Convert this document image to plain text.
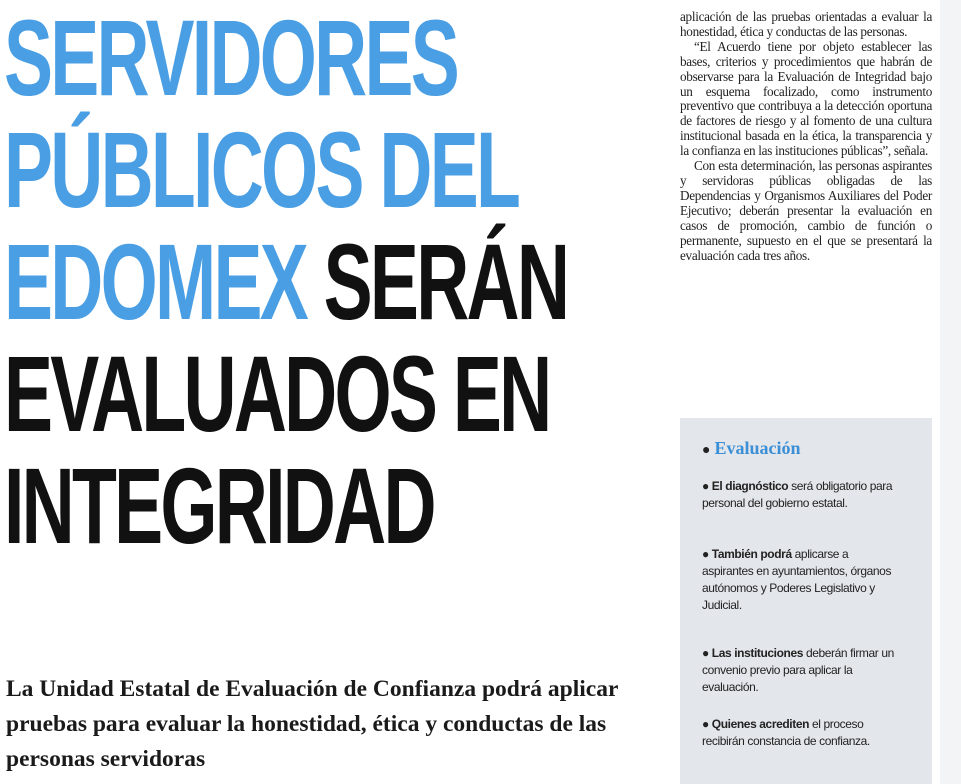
SERVIDORES
PÚBLICOS DEL
EDOMEX SERÁN
EVALUADOS EN
INTEGRIDAD
La Unidad Estatal de Evaluación de Confianza podrá aplicar pruebas para evaluar la honestidad, ética y conductas de las personas servidoras

aplicación de las pruebas orientadas a evaluar la honestidad, ética y conductas de las personas.

“El Acuerdo tiene por objeto establecer las bases, criterios y procedimientos que habrán de observarse para la Evaluación de Integridad bajo un esquema focalizado, como instrumento preventivo que contribuya a la detección oportuna de factores de riesgo y al fomento de una cultura institucional basada en la ética, la transparencia y la confianza en las instituciones públicas”, señala.

Con esta determinación, las personas aspirantes y servidoras públicas obligadas de las Dependencias y Organismos Auxiliares del Poder Ejecutivo; deberán presentar la evaluación en casos de promoción, cambio de función o permanente, supuesto en el que se presentará la evaluación cada tres años.

● Evaluación
● El diagnóstico será obligatorio para personal del gobierno estatal.
● También podrá aplicarse a aspirantes en ayuntamientos, órganos autónomos y Poderes Legislativo y Judicial.
● Las instituciones deberán firmar un convenio previo para aplicar la evaluación.
● Quienes acrediten el proceso recibirán constancia de confianza.
